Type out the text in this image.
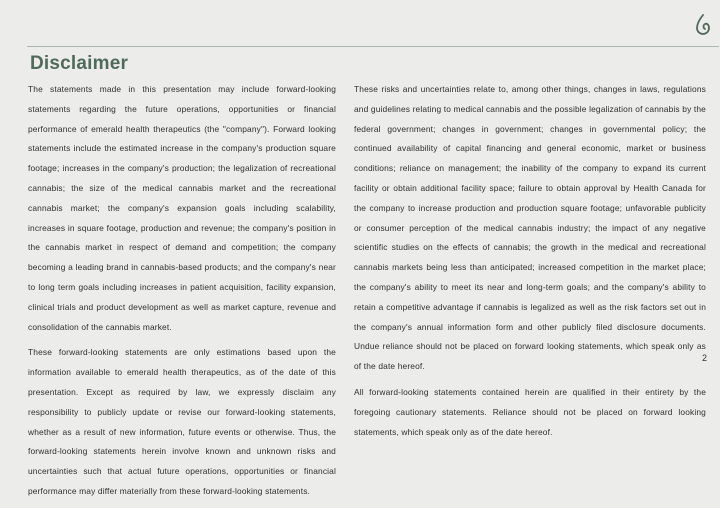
Disclaimer

The statements made in this presentation may include forward-looking statements regarding the future operations, opportunities or financial performance of emerald health therapeutics (the "company"). Forward looking statements include the estimated increase in the company's production square footage; increases in the company's production; the legalization of recreational cannabis; the size of the medical cannabis market and the recreational cannabis market; the company's expansion goals including scalability, increases in square footage, production and revenue; the company's position in the cannabis market in respect of demand and competition; the company becoming a leading brand in cannabis-based products; and the company's near to long term goals including increases in patient acquisition, facility expansion, clinical trials and product development as well as market capture, revenue and consolidation of the cannabis market.

These forward-looking statements are only estimations based upon the information available to emerald health therapeutics, as of the date of this presentation. Except as required by law, we expressly disclaim any responsibility to publicly update or revise our forward-looking statements, whether as a result of new information, future events or otherwise. Thus, the forward-looking statements herein involve known and unknown risks and uncertainties such that actual future operations, opportunities or financial performance may differ materially from these forward-looking statements.

These risks and uncertainties relate to, among other things, changes in laws, regulations and guidelines relating to medical cannabis and the possible legalization of cannabis by the federal government; changes in government; changes in governmental policy; the continued availability of capital financing and general economic, market or business conditions; reliance on management; the inability of the company to expand its current facility or obtain additional facility space; failure to obtain approval by Health Canada for the company to increase production and production square footage; unfavorable publicity or consumer perception of the medical cannabis industry; the impact of any negative scientific studies on the effects of cannabis; the growth in the medical and recreational cannabis markets being less than anticipated; increased competition in the market place; the company's ability to meet its near and long-term goals; and the company's ability to retain a competitive advantage if cannabis is legalized as well as the risk factors set out in the company's annual information form and other publicly filed disclosure documents. Undue reliance should not be placed on forward looking statements, which speak only as of the date hereof.

All forward-looking statements contained herein are qualified in their entirety by the foregoing cautionary statements. Reliance should not be placed on forward looking statements, which speak only as of the date hereof.

2
